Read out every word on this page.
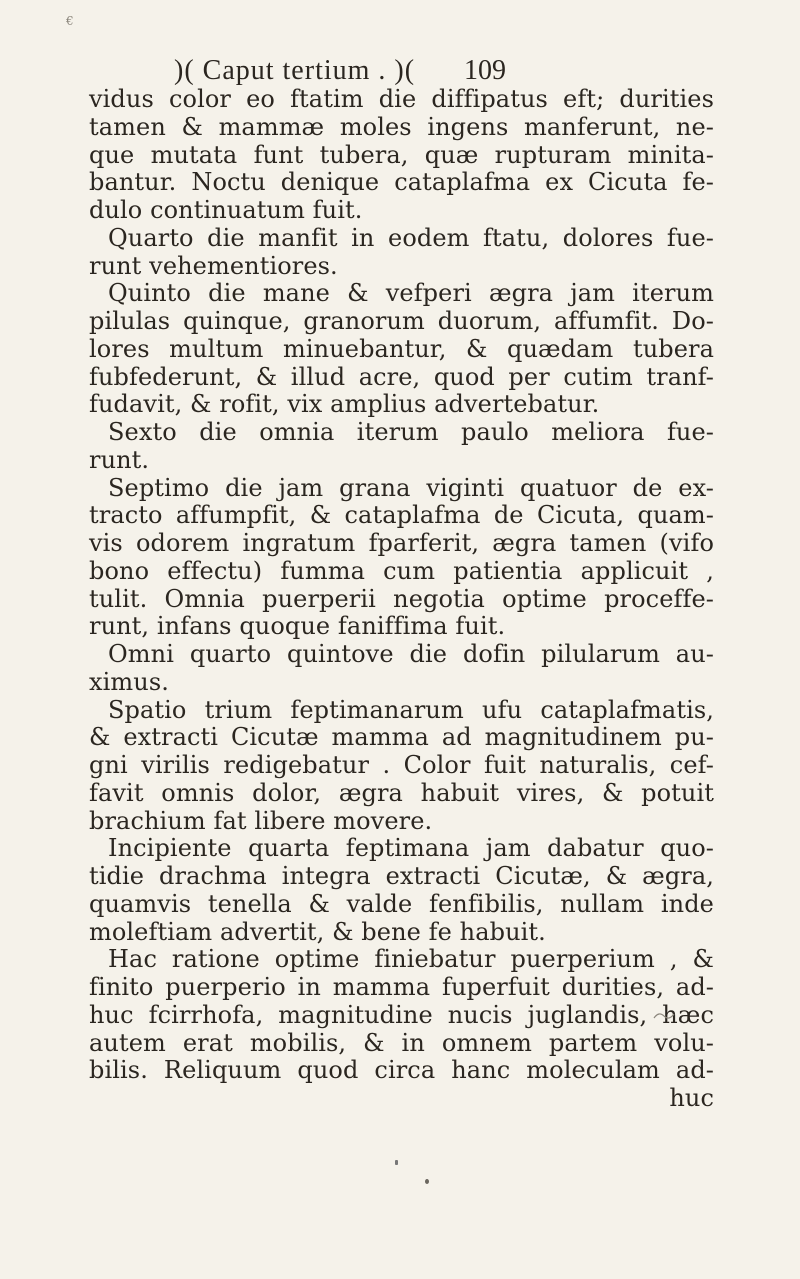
€
)( Caput tertium . )( 109
vidus color eo ftatim die diffipatus eft; durities
tamen & mammæ moles ingens manferunt, ne-
que mutata funt tubera, quæ rupturam minita-
bantur. Noctu denique cataplafma ex Cicuta fe-
dulo continuatum fuit.
Quarto die manfit in eodem ftatu, dolores fue-
runt vehementiores.
Quinto die mane & vefperi ægra jam iterum
pilulas quinque, granorum duorum, affumfit. Do-
lores multum minuebantur, & quædam tubera
fubfederunt, & illud acre, quod per cutim tranf-
fudavit, & rofit, vix amplius advertebatur.
Sexto die omnia iterum paulo meliora fue-
runt.
Septimo die jam grana viginti quatuor de ex-
tracto affumpfit, & cataplafma de Cicuta, quam-
vis odorem ingratum fparferit, ægra tamen (vifo
bono effectu) fumma cum patientia applicuit ,
tulit. Omnia puerperii negotia optime proceffe-
runt, infans quoque faniffima fuit.
Omni quarto quintove die dofin pilularum au-
ximus.
Spatio trium feptimanarum ufu cataplafmatis,
& extracti Cicutæ mamma ad magnitudinem pu-
gni virilis redigebatur . Color fuit naturalis, cef-
favit omnis dolor, ægra habuit vires, & potuit
brachium fat libere movere.
Incipiente quarta feptimana jam dabatur quo-
tidie drachma integra extracti Cicutæ, & ægra,
quamvis tenella & valde fenfibilis, nullam inde
moleftiam advertit, & bene fe habuit.
Hac ratione optime finiebatur puerperium , &
finito puerperio in mamma fuperfuit durities, ad-
huc fcirrhofa, magnitudine nucis juglandis, hæc
autem erat mobilis, & in omnem partem volu-
bilis. Reliquum quod circa hanc moleculam ad-
huc
